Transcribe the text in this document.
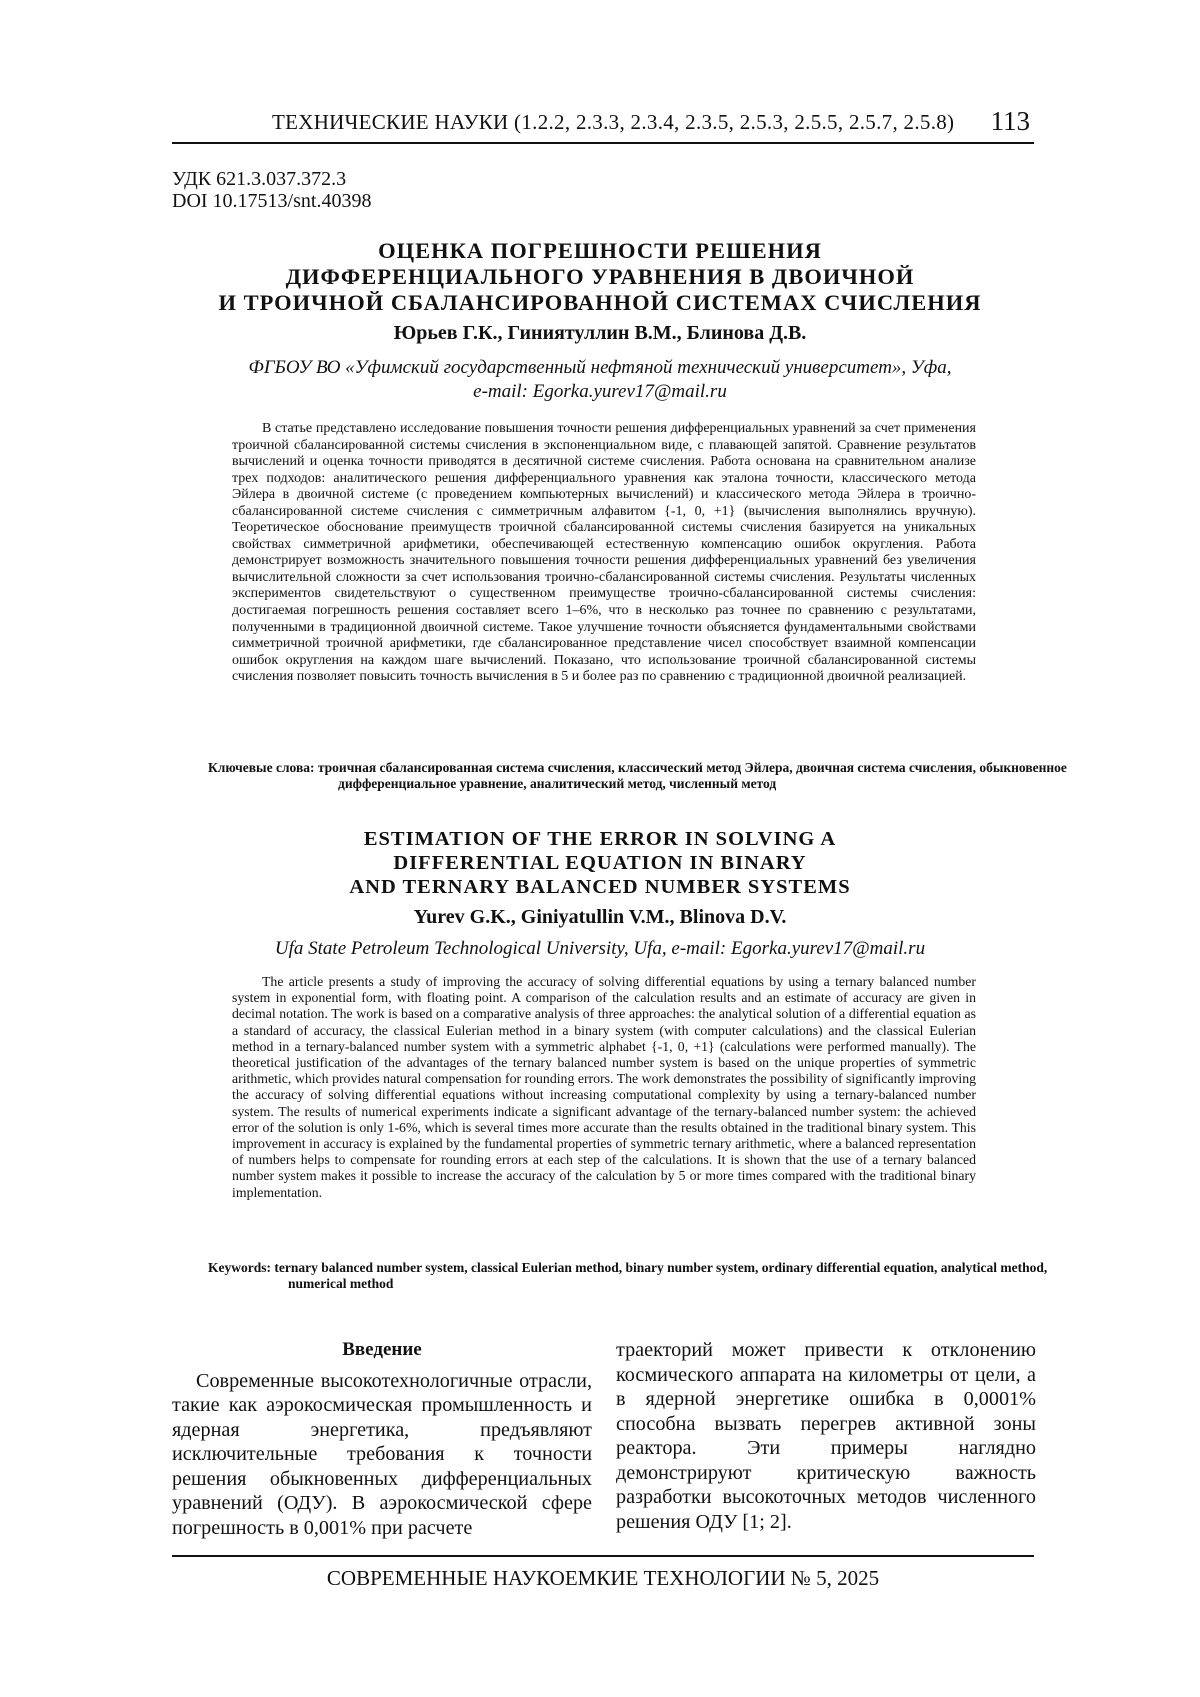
ТЕХНИЧЕСКИЕ НАУКИ (1.2.2, 2.3.3, 2.3.4, 2.3.5, 2.5.3, 2.5.5, 2.5.7, 2.5.8) 113
УДК 621.3.037.372.3
DOI 10.17513/snt.40398
ОЦЕНКА ПОГРЕШНОСТИ РЕШЕНИЯ
ДИФФЕРЕНЦИАЛЬНОГО УРАВНЕНИЯ В ДВОИЧНОЙ
И ТРОИЧНОЙ СБАЛАНСИРОВАННОЙ СИСТЕМАХ СЧИСЛЕНИЯ
Юрьев Г.К., Гиниятуллин В.М., Блинова Д.В.
ФГБОУ ВО «Уфимский государственный нефтяной технический университет», Уфа,
e-mail: Egorka.yurev17@mail.ru

В статье представлено исследование повышения точности решения дифференциальных уравнений за счет применения троичной сбалансированной системы счисления в экспоненциальном виде, с плавающей запятой. Сравнение результатов вычислений и оценка точности приводятся в десятичной системе счисления. Работа основана на сравнительном анализе трех подходов: аналитического решения дифференциального уравнения как эталона точности, классического метода Эйлера в двоичной системе (с проведением компьютерных вычислений) и классического метода Эйлера в троично-сбалансированной системе счисления с симметричным алфавитом {-1, 0, +1} (вычисления выполнялись вручную). Теоретическое обоснование преимуществ троичной сбалансированной системы счисления базируется на уникальных свойствах симметричной арифметики, обеспечивающей естественную компенсацию ошибок округления. Работа демонстрирует возможность значительного повышения точности решения дифференциальных уравнений без увеличения вычислительной сложности за счет использования троично-сбалансированной системы счисления. Результаты численных экспериментов свидетельствуют о существенном преимуществе троично-сбалансированной системы счисления: достигаемая погрешность решения составляет всего 1–6%, что в несколько раз точнее по сравнению с результатами, полученными в традиционной двоичной системе. Такое улучшение точности объясняется фундаментальными свойствами симметричной троичной арифметики, где сбалансированное представление чисел способствует взаимной компенсации ошибок округления на каждом шаге вычислений. Показано, что использование троичной сбалансированной системы счисления позволяет повысить точность вычисления в 5 и более раз по сравнению с традиционной двоичной реализацией.

Ключевые слова: троичная сбалансированная система счисления, классический метод Эйлера, двоичная система счисления, обыкновенное дифференциальное уравнение, аналитический метод, численный метод

ESTIMATION OF THE ERROR IN SOLVING A
DIFFERENTIAL EQUATION IN BINARY
AND TERNARY BALANCED NUMBER SYSTEMS
Yurev G.K., Giniyatullin V.M., Blinova D.V.
Ufa State Petroleum Technological University, Ufa, e-mail: Egorka.yurev17@mail.ru

The article presents a study of improving the accuracy of solving differential equations by using a ternary balanced number system in exponential form, with floating point. A comparison of the calculation results and an estimate of accuracy are given in decimal notation. The work is based on a comparative analysis of three approaches: the analytical solution of a differential equation as a standard of accuracy, the classical Eulerian method in a binary system (with computer calculations) and the classical Eulerian method in a ternary-balanced number system with a symmetric alphabet {-1, 0, +1} (calculations were performed manually). The theoretical justification of the advantages of the ternary balanced number system is based on the unique properties of symmetric arithmetic, which provides natural compensation for rounding errors. The work demonstrates the possibility of significantly improving the accuracy of solving differential equations without increasing computational complexity by using a ternary-balanced number system. The results of numerical experiments indicate a significant advantage of the ternary-balanced number system: the achieved error of the solution is only 1-6%, which is several times more accurate than the results obtained in the traditional binary system. This improvement in accuracy is explained by the fundamental properties of symmetric ternary arithmetic, where a balanced representation of numbers helps to compensate for rounding errors at each step of the calculations. It is shown that the use of a ternary balanced number system makes it possible to increase the accuracy of the calculation by 5 or more times compared with the traditional binary implementation.

Keywords: ternary balanced number system, classical Eulerian method, binary number system, ordinary differential equation, analytical method, numerical method

Введение

Современные высокотехнологичные отрасли, такие как аэрокосмическая промышленность и ядерная энергетика, предъявляют исключительные требования к точности решения обыкновенных дифференциальных уравнений (ОДУ). В аэрокосмической сфере погрешность в 0,001% при расчете

траекторий может привести к отклонению космического аппарата на километры от цели, а в ядерной энергетике ошибка в 0,0001% способна вызвать перегрев активной зоны реактора. Эти примеры наглядно демонстрируют критическую важность разработки высокоточных методов численного решения ОДУ [1; 2].

СОВРЕМЕННЫЕ НАУКОЕМКИЕ ТЕХНОЛОГИИ № 5, 2025
